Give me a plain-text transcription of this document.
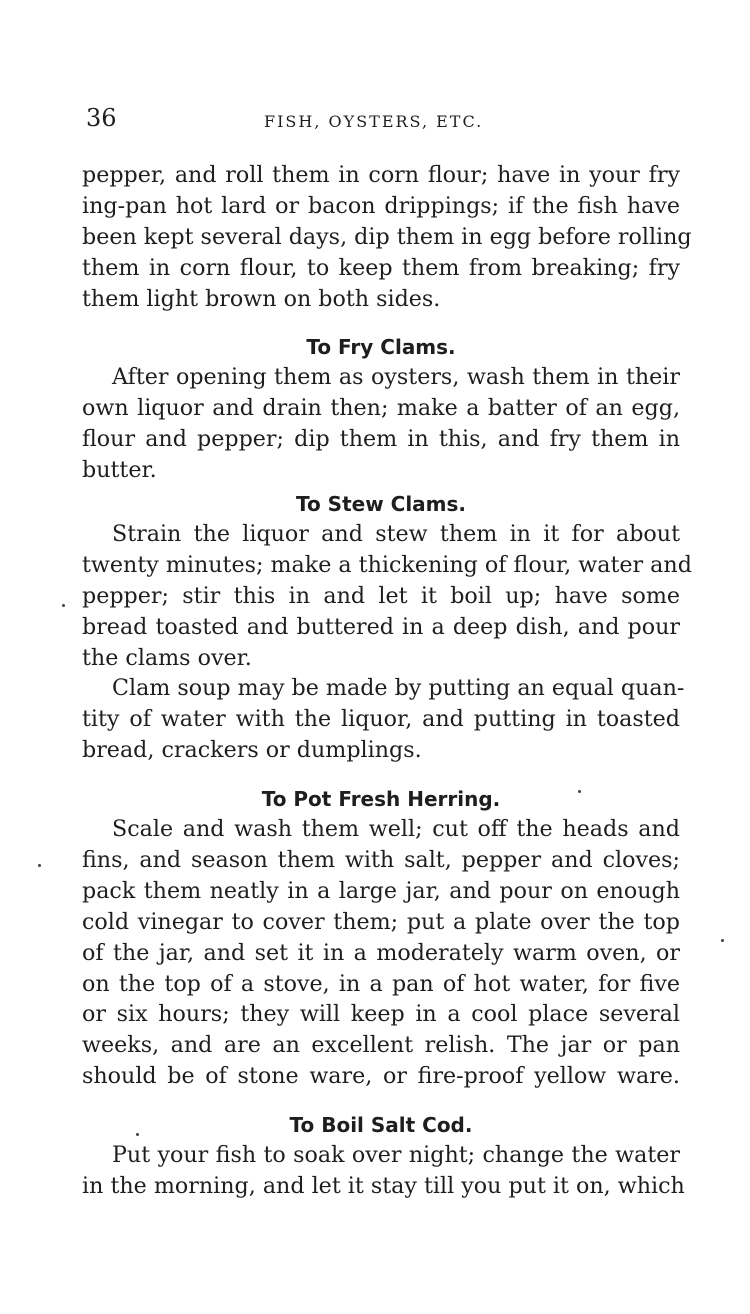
36	FISH, OYSTERS, ETC.
pepper, and roll them in corn flour; have in your fry
ing-pan hot lard or bacon drippings; if the fish have
been kept several days, dip them in egg before rolling
them in corn flour, to keep them from breaking; fry
them light brown on both sides.
To Fry Clams.
After opening them as oysters, wash them in their
own liquor and drain then; make a batter of an egg,
flour and pepper; dip them in this, and fry them in
butter.
To Stew Clams.
Strain the liquor and stew them in it for about
twenty minutes; make a thickening of flour, water and
pepper; stir this in and let it boil up; have some
bread toasted and buttered in a deep dish, and pour
the clams over.
Clam soup may be made by putting an equal quan-
tity of water with the liquor, and putting in toasted
bread, crackers or dumplings.
To Pot Fresh Herring.
Scale and wash them well; cut off the heads and
fins, and season them with salt, pepper and cloves;
pack them neatly in a large jar, and pour on enough
cold vinegar to cover them; put a plate over the top
of the jar, and set it in a moderately warm oven, or
on the top of a stove, in a pan of hot water, for five
or six hours; they will keep in a cool place several
weeks, and are an excellent relish. The jar or pan
should be of stone ware, or fire-proof yellow ware.
To Boil Salt Cod.
Put your fish to soak over night; change the water
in the morning, and let it stay till you put it on, which
